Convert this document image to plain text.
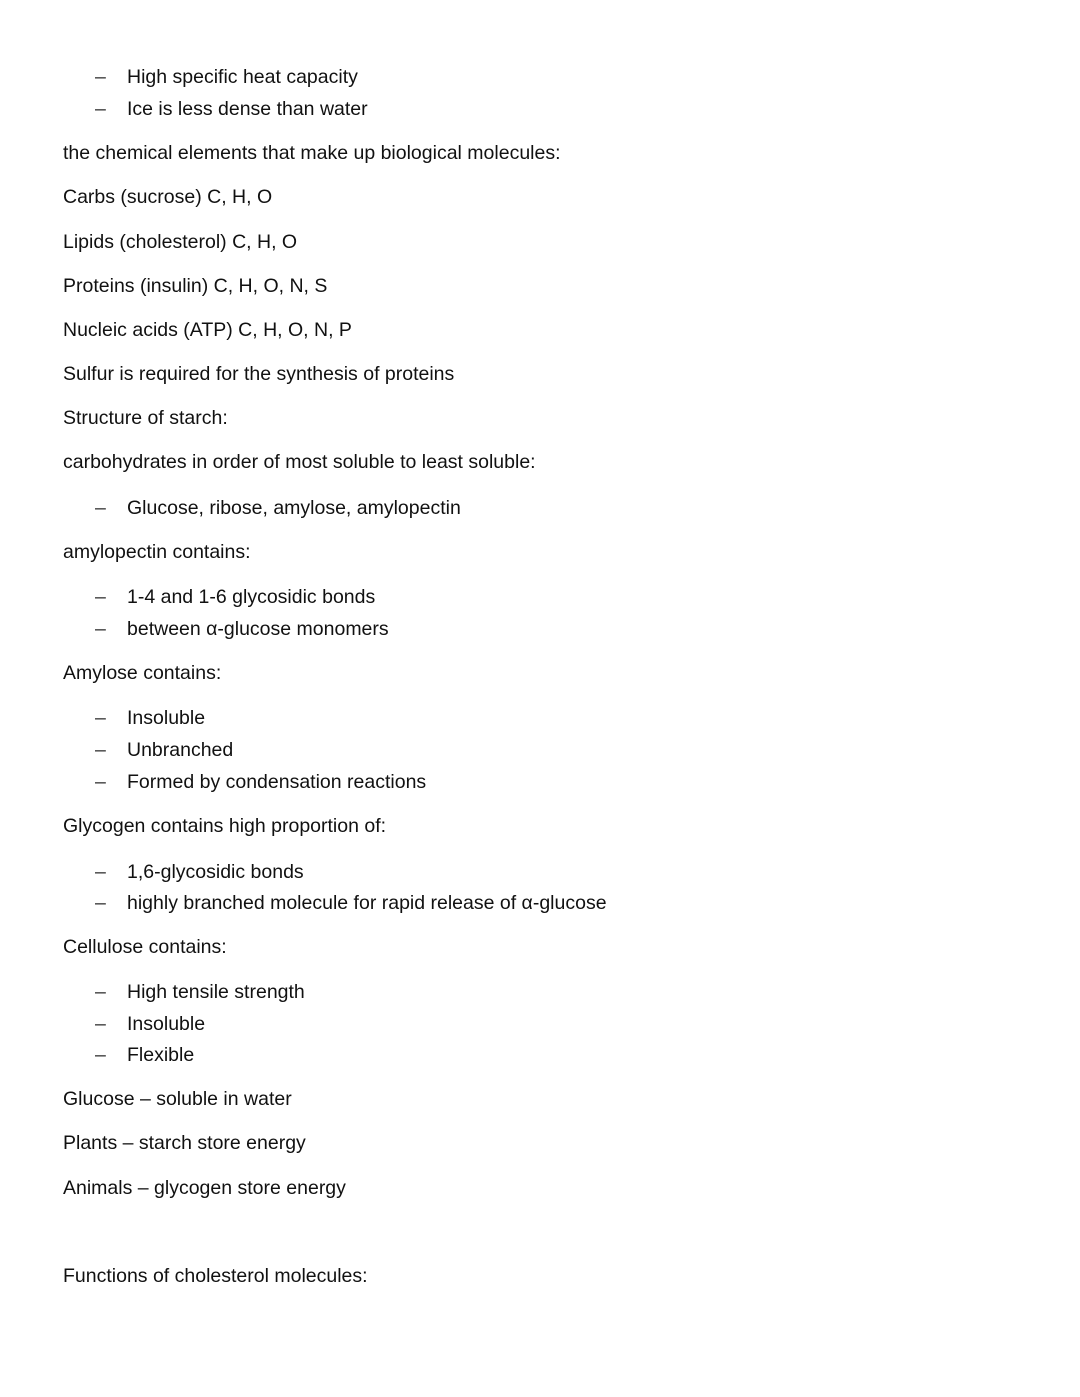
– High specific heat capacity
– Ice is less dense than water
the chemical elements that make up biological molecules:
Carbs (sucrose) C, H, O
Lipids (cholesterol) C, H, O
Proteins (insulin) C, H, O, N, S
Nucleic acids (ATP) C, H, O, N, P
Sulfur is required for the synthesis of proteins
Structure of starch:
carbohydrates in order of most soluble to least soluble:
– Glucose, ribose, amylose, amylopectin
amylopectin contains:
– 1-4 and 1-6 glycosidic bonds
– between α-glucose monomers
Amylose contains:
– Insoluble
– Unbranched
– Formed by condensation reactions
Glycogen contains high proportion of:
– 1,6-glycosidic bonds
– highly branched molecule for rapid release of α-glucose
Cellulose contains:
– High tensile strength
– Insoluble
– Flexible
Glucose – soluble in water
Plants – starch store energy
Animals – glycogen store energy
Functions of cholesterol molecules:
